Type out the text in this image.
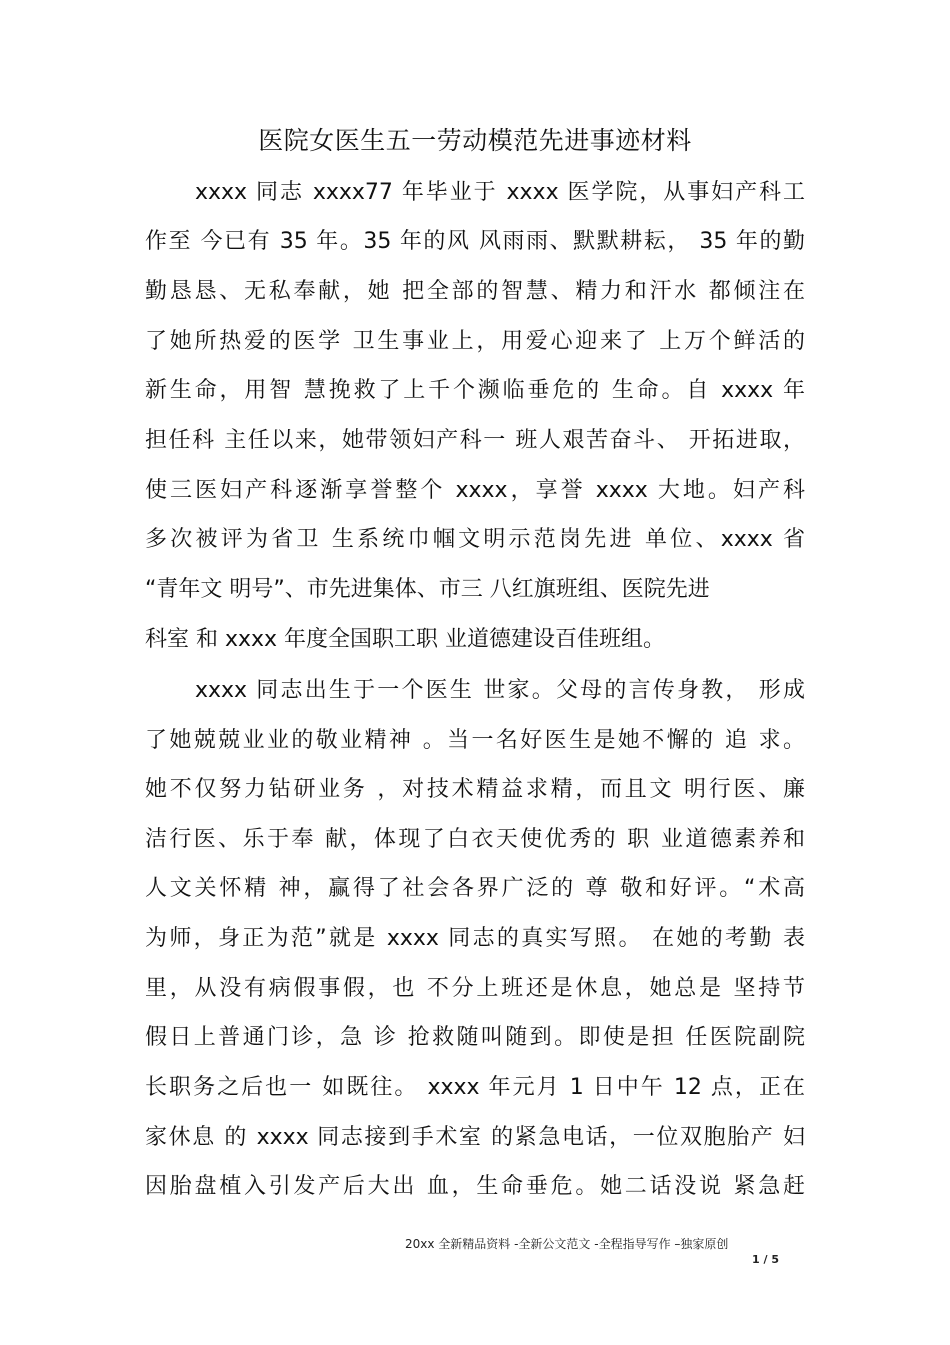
医院女医生五一劳动模范先进事迹材料
xxxx 同志 xxxx77 年毕业于 xxxx 医学院，从事妇产科工
作至 今已有 35 年。35 年的风 风雨雨、默默耕耘， 35 年的勤
勤恳恳、无私奉献，她 把全部的智慧、精力和汗水 都倾注在
了她所热爱的医学 卫生事业上，用爱心迎来了 上万个鲜活的
新生命，用智 慧挽救了上千个濒临垂危的 生命。自 xxxx 年
担任科 主任以来，她带领妇产科一 班人艰苦奋斗、 开拓进取，
使三医妇产科逐渐享誉整个 xxxx，享誉 xxxx 大地。妇产科
多次被评为省卫 生系统巾帼文明示范岗先进 单位、xxxx 省
“青年文 明号”、市先进集体、市三 八红旗班组、医院先进
科室 和 xxxx 年度全国职工职 业道德建设百佳班组。
xxxx 同志出生于一个医生 世家。父母的言传身教， 形成
了她兢兢业业的敬业精神 。当一名好医生是她不懈的 追 求。
她不仅努力钻研业务 ，对技术精益求精，而且文 明行医、廉
洁行医、乐于奉 献，体现了白衣天使优秀的 职 业道德素养和
人文关怀精 神，赢得了社会各界广泛的 尊 敬和好评。“术高
为师，身正为范”就是 xxxx 同志的真实写照。 在她的考勤 表
里，从没有病假事假，也 不分上班还是休息，她总是 坚持节
假日上普通门诊，急 诊 抢救随叫随到。即使是担 任医院副院
长职务之后也一 如既往。 xxxx 年元月 1 日中午 12 点，正在
家休息 的 xxxx 同志接到手术室 的紧急电话，一位双胞胎产 妇
因胎盘植入引发产后大出 血，生命垂危。她二话没说 紧急赶
20xx 全新精品资料 -全新公文范文 -全程指导写作 –独家原创
1 / 5
